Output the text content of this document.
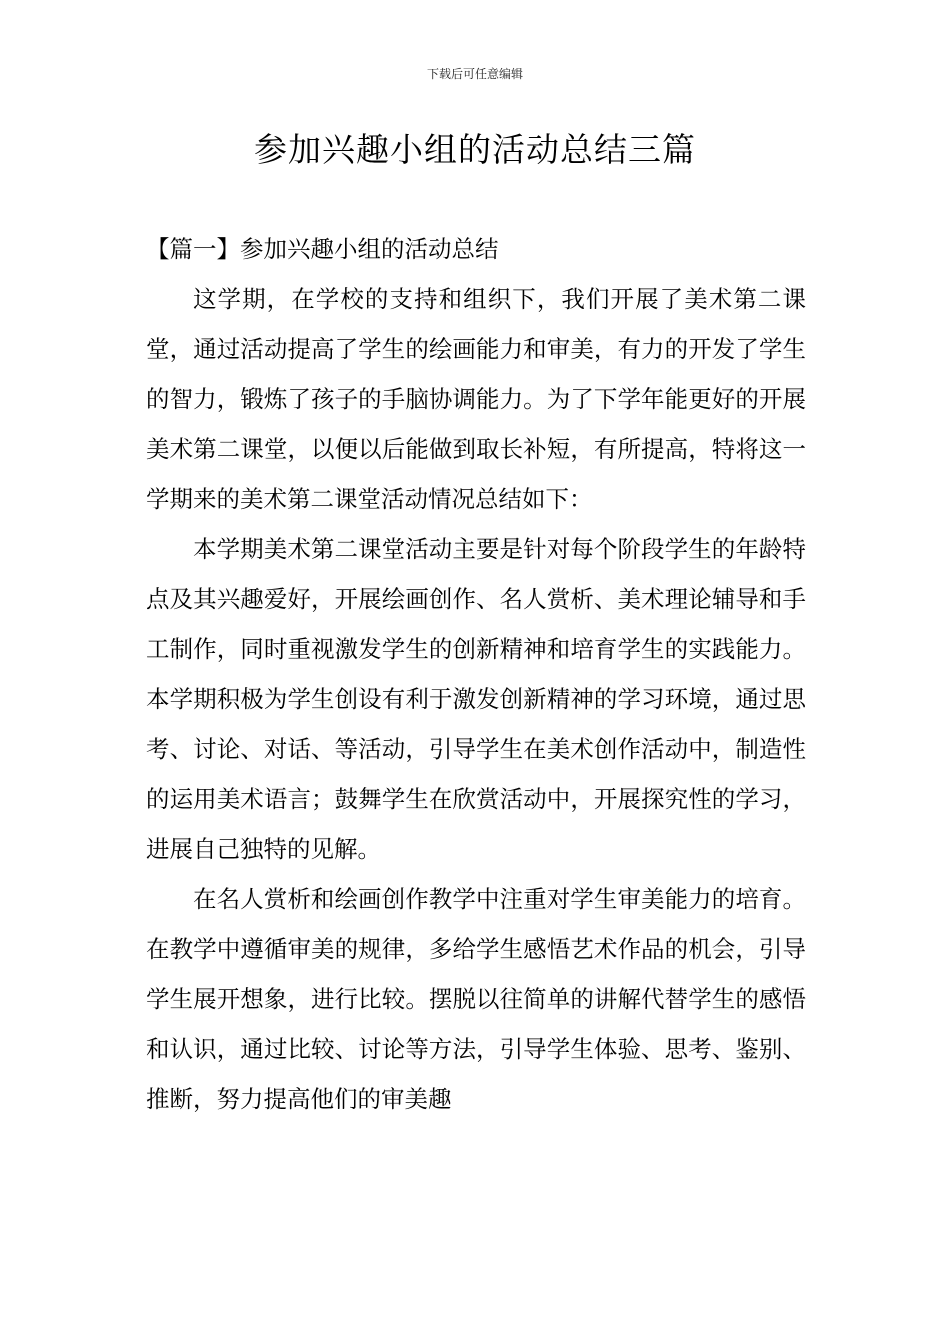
下载后可任意编辑
参加兴趣小组的活动总结三篇

【篇一】参加兴趣小组的活动总结

这学期，在学校的支持和组织下，我们开展了美术第二课堂，通过活动提高了学生的绘画能力和审美，有力的开发了学生的智力，锻炼了孩子的手脑协调能力。为了下学年能更好的开展美术第二课堂，以便以后能做到取长补短，有所提高，特将这一学期来的美术第二课堂活动情况总结如下：

本学期美术第二课堂活动主要是针对每个阶段学生的年龄特点及其兴趣爱好，开展绘画创作、名人赏析、美术理论辅导和手工制作，同时重视激发学生的创新精神和培育学生的实践能力。本学期积极为学生创设有利于激发创新精神的学习环境，通过思考、讨论、对话、等活动，引导学生在美术创作活动中，制造性的运用美术语言；鼓舞学生在欣赏活动中，开展探究性的学习，进展自己独特的见解。

在名人赏析和绘画创作教学中注重对学生审美能力的培育。在教学中遵循审美的规律，多给学生感悟艺术作品的机会，引导学生展开想象，进行比较。摆脱以往简单的讲解代替学生的感悟和认识，通过比较、讨论等方法，引导学生体验、思考、鉴别、推断，努力提高他们的审美趣
